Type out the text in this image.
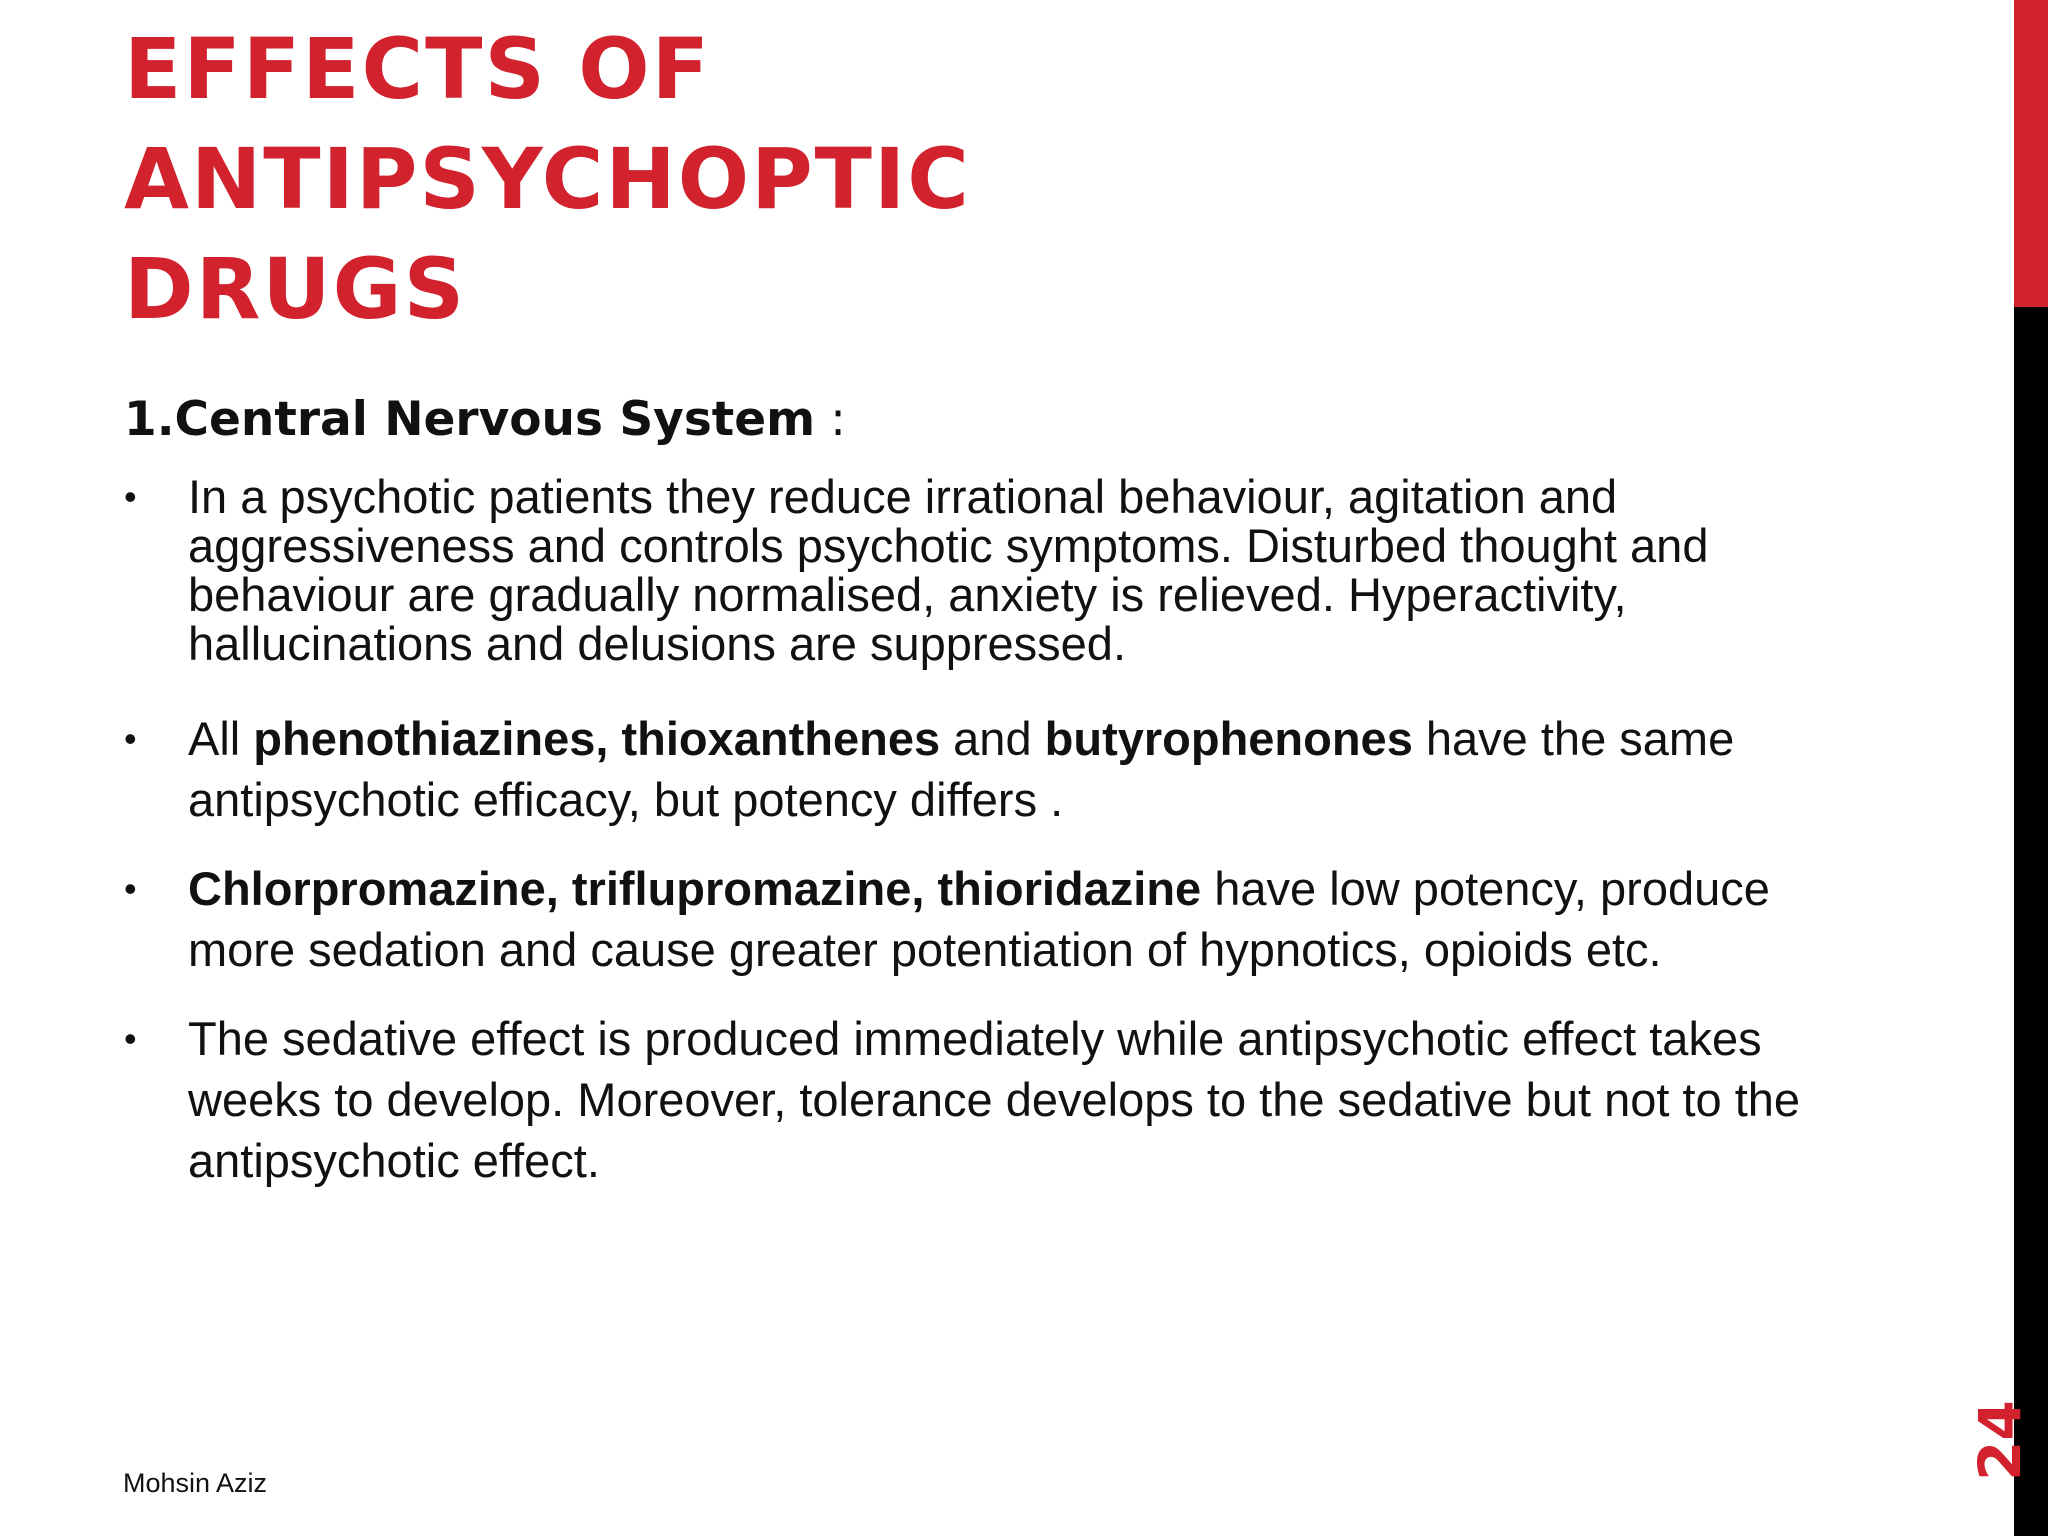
EFFECTS OF
ANTIPSYCHOPTIC
DRUGS

1.Central Nervous System :

•	In a psychotic patients they reduce irrational behaviour, agitation and aggressiveness and controls psychotic symptoms. Disturbed thought and behaviour are gradually normalised, anxiety is relieved. Hyperactivity, hallucinations and delusions are suppressed.
•	All phenothiazines, thioxanthenes and butyrophenones have the same antipsychotic efficacy, but potency differs .
•	Chlorpromazine, triflupromazine, thioridazine have low potency, produce more sedation and cause greater potentiation of hypnotics, opioids etc.
•	The sedative effect is produced immediately while antipsychotic effect takes weeks to develop. Moreover, tolerance develops to the sedative but not to the antipsychotic effect.
Mohsin Aziz
24
